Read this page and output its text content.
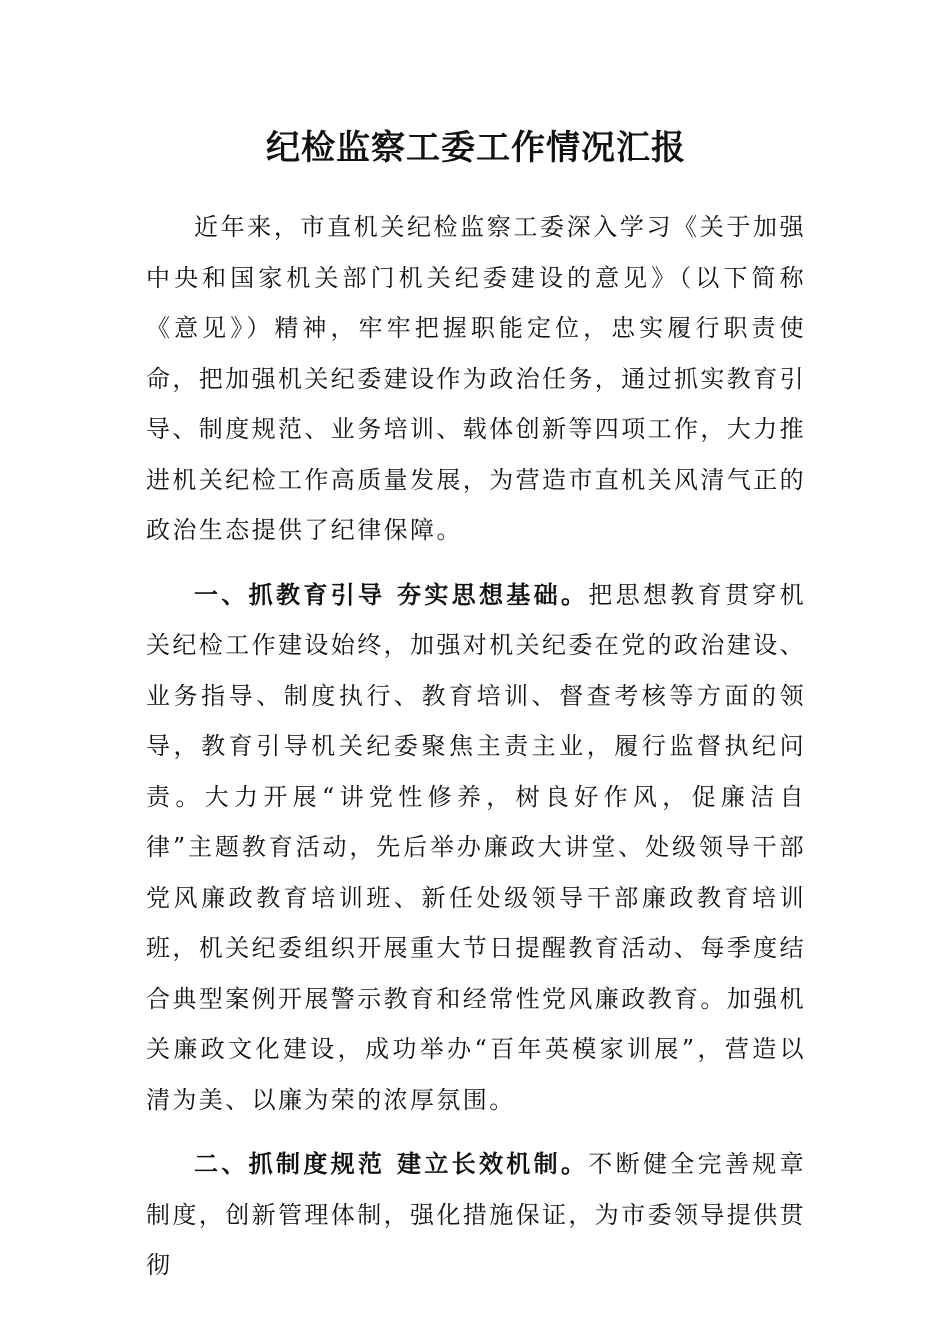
纪检监察工委工作情况汇报

近年来，市直机关纪检监察工委深入学习《关于加强中央和国家机关部门机关纪委建设的意见》（以下简称《意见》）精神，牢牢把握职能定位，忠实履行职责使命，把加强机关纪委建设作为政治任务，通过抓实教育引导、制度规范、业务培训、载体创新等四项工作，大力推进机关纪检工作高质量发展，为营造市直机关风清气正的政治生态提供了纪律保障。

一、抓教育引导 夯实思想基础。把思想教育贯穿机关纪检工作建设始终，加强对机关纪委在党的政治建设、业务指导、制度执行、教育培训、督查考核等方面的领导，教育引导机关纪委聚焦主责主业，履行监督执纪问责。大力开展“讲党性修养，树良好作风，促廉洁自律”主题教育活动，先后举办廉政大讲堂、处级领导干部党风廉政教育培训班、新任处级领导干部廉政教育培训班，机关纪委组织开展重大节日提醒教育活动、每季度结合典型案例开展警示教育和经常性党风廉政教育。加强机关廉政文化建设，成功举办“百年英模家训展”，营造以清为美、以廉为荣的浓厚氛围。

二、抓制度规范 建立长效机制。不断健全完善规章制度，创新管理体制，强化措施保证，为市委领导提供贯彻
